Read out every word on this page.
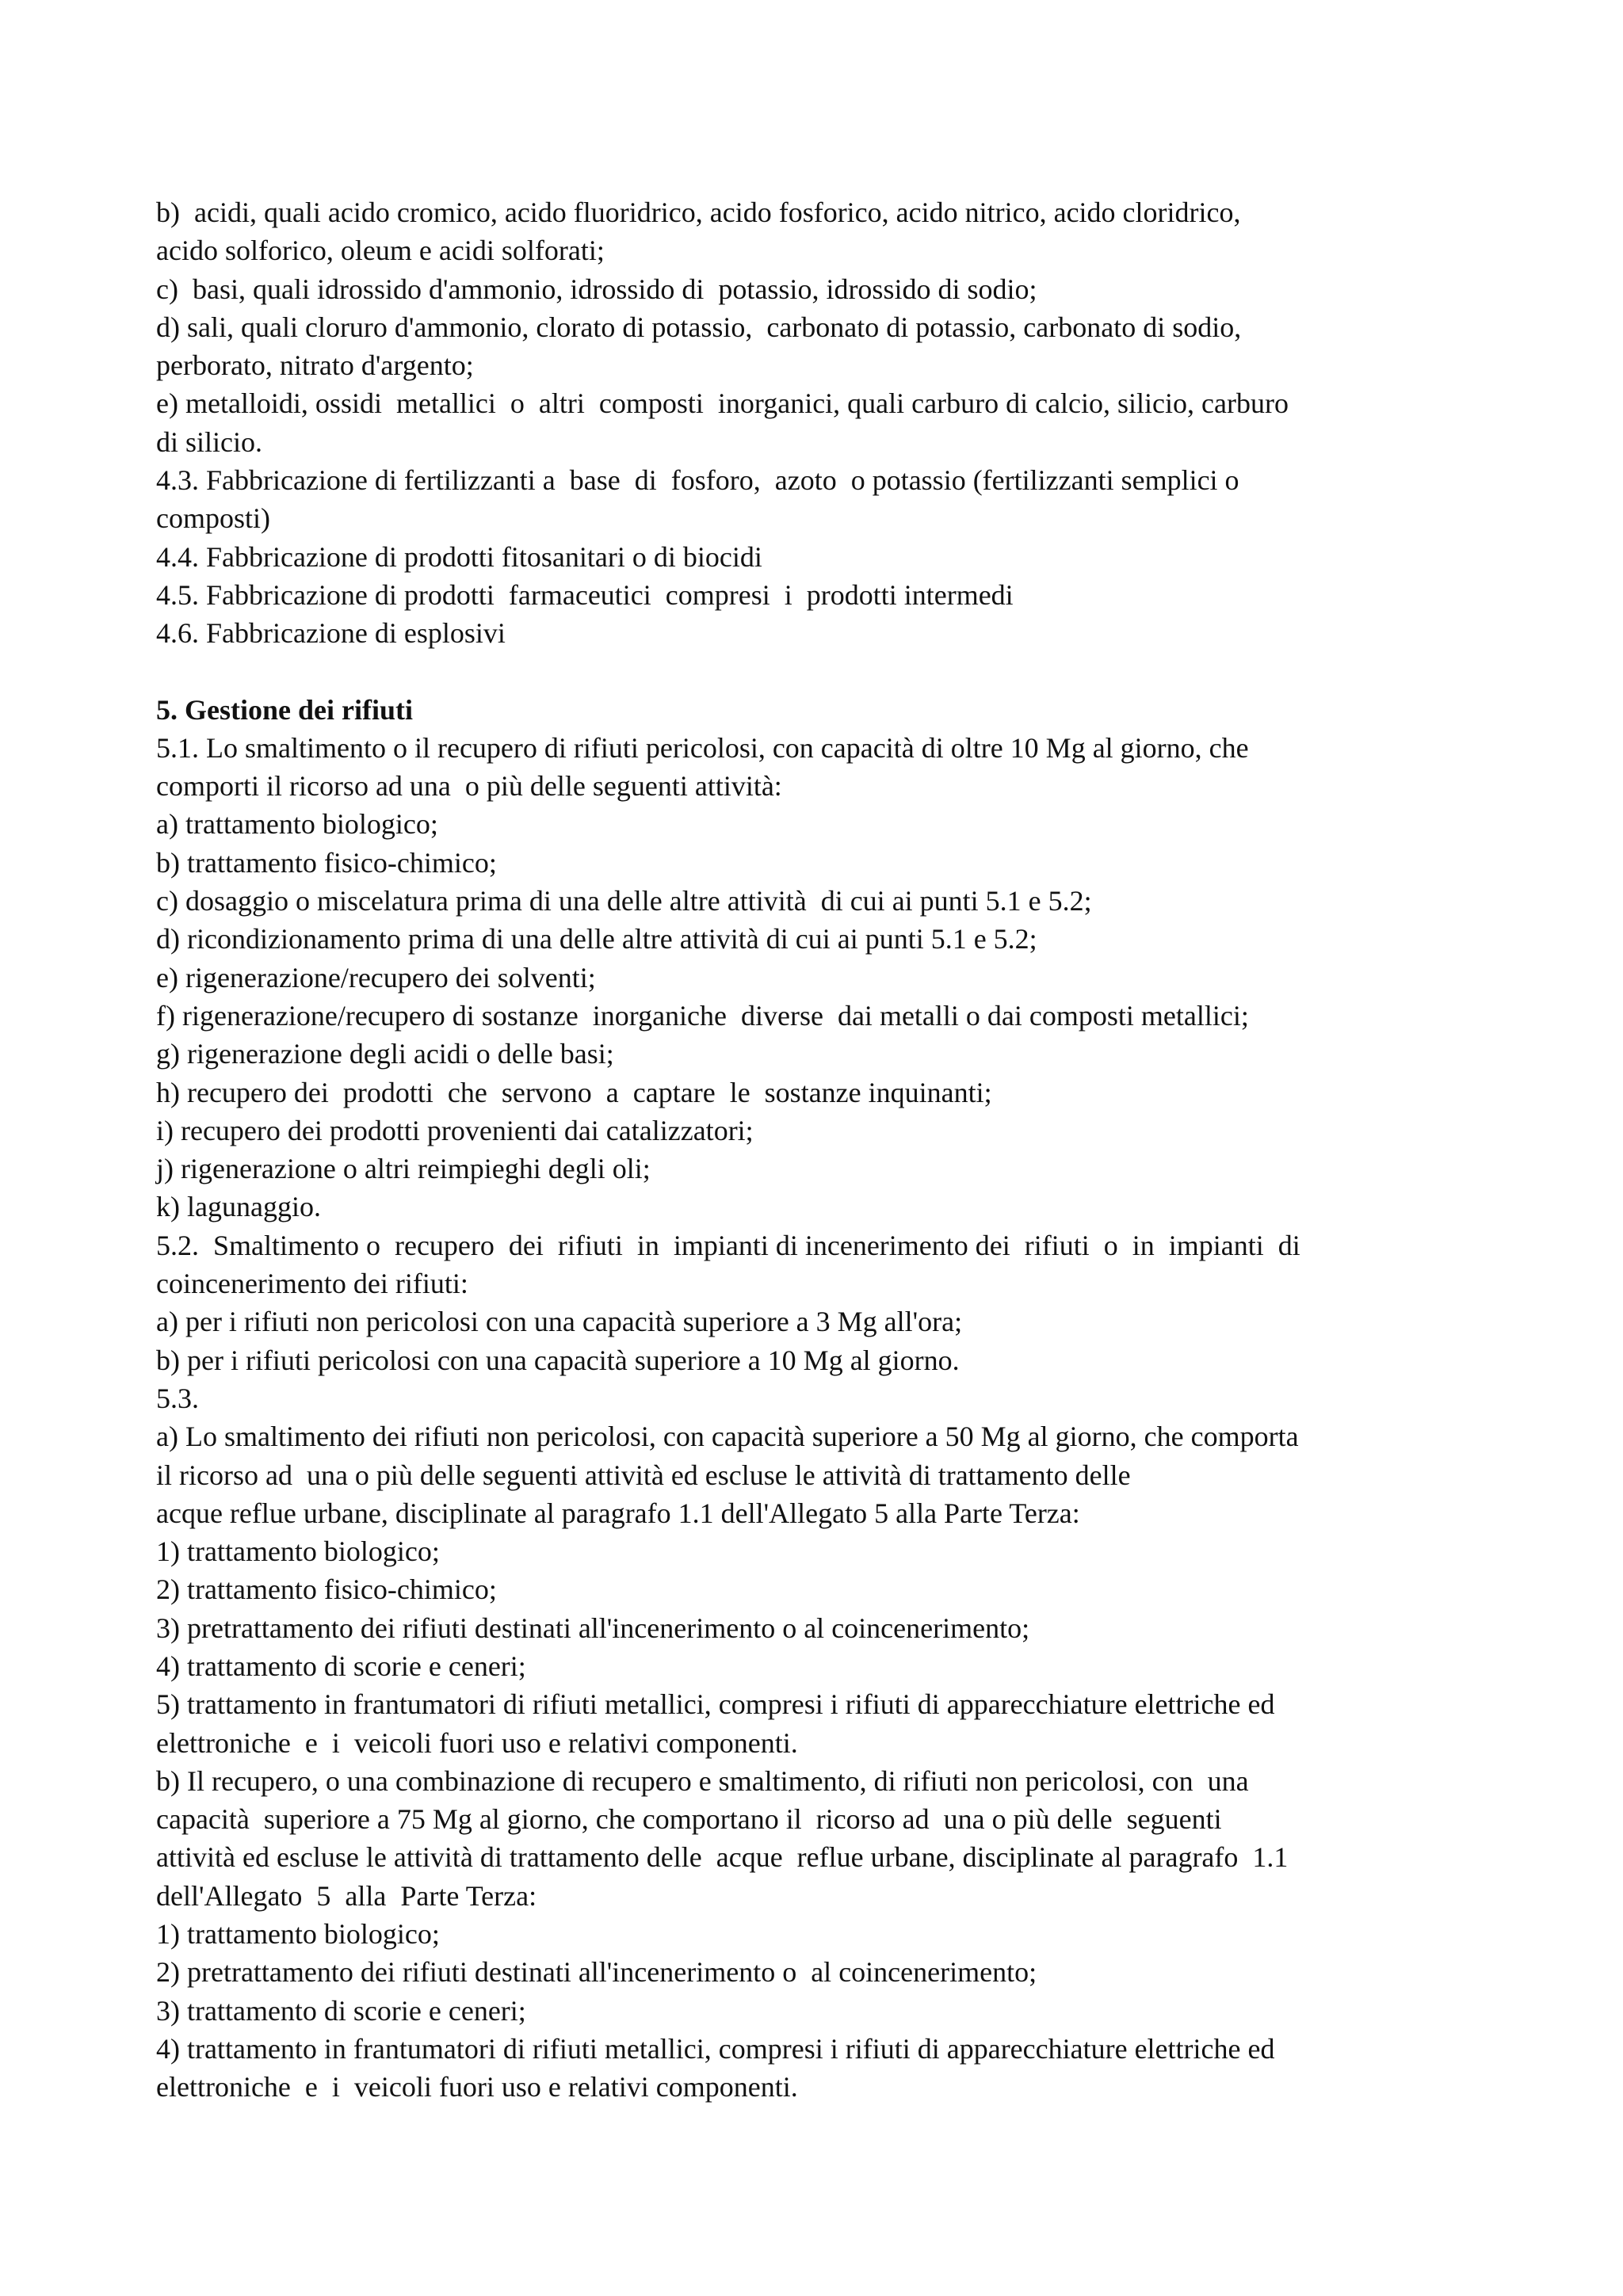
b)  acidi, quali acido cromico, acido fluoridrico, acido fosforico, acido nitrico, acido cloridrico,
acido solforico, oleum e acidi solforati;
c)  basi, quali idrossido d'ammonio, idrossido di  potassio, idrossido di sodio;
d) sali, quali cloruro d'ammonio, clorato di potassio,  carbonato di potassio, carbonato di sodio,
perborato, nitrato d'argento;
e) metalloidi, ossidi  metallici  o  altri  composti  inorganici, quali carburo di calcio, silicio, carburo
di silicio.
4.3. Fabbricazione di fertilizzanti a  base  di  fosforo,  azoto  o potassio (fertilizzanti semplici o
composti)
4.4. Fabbricazione di prodotti fitosanitari o di biocidi
4.5. Fabbricazione di prodotti  farmaceutici  compresi  i  prodotti intermedi
4.6. Fabbricazione di esplosivi
5. Gestione dei rifiuti
5.1. Lo smaltimento o il recupero di rifiuti pericolosi, con capacità di oltre 10 Mg al giorno, che
comporti il ricorso ad una  o più delle seguenti attività:
a) trattamento biologico;
b) trattamento fisico-chimico;
c) dosaggio o miscelatura prima di una delle altre attività  di cui ai punti 5.1 e 5.2;
d) ricondizionamento prima di una delle altre attività di cui ai punti 5.1 e 5.2;
e) rigenerazione/recupero dei solventi;
f) rigenerazione/recupero di sostanze  inorganiche  diverse  dai metalli o dai composti metallici;
g) rigenerazione degli acidi o delle basi;
h) recupero dei  prodotti  che  servono  a  captare  le  sostanze inquinanti;
i) recupero dei prodotti provenienti dai catalizzatori;
j) rigenerazione o altri reimpieghi degli oli;
k) lagunaggio.
5.2.  Smaltimento o  recupero  dei  rifiuti  in  impianti di incenerimento dei  rifiuti  o  in  impianti  di
coincenerimento dei rifiuti:
a) per i rifiuti non pericolosi con una capacità superiore a 3 Mg all'ora;
b) per i rifiuti pericolosi con una capacità superiore a 10 Mg al giorno.
5.3.
a) Lo smaltimento dei rifiuti non pericolosi, con capacità superiore a 50 Mg al giorno, che comporta
il ricorso ad  una o più delle seguenti attività ed escluse le attività di trattamento delle
acque reflue urbane, disciplinate al paragrafo 1.1 dell'Allegato 5 alla Parte Terza:
1) trattamento biologico;
2) trattamento fisico-chimico;
3) pretrattamento dei rifiuti destinati all'incenerimento o al coincenerimento;
4) trattamento di scorie e ceneri;
5) trattamento in frantumatori di rifiuti metallici, compresi i rifiuti di apparecchiature elettriche ed
elettroniche  e  i  veicoli fuori uso e relativi componenti.
b) Il recupero, o una combinazione di recupero e smaltimento, di rifiuti non pericolosi, con  una
capacità  superiore a 75 Mg al giorno, che comportano il  ricorso ad  una o più delle  seguenti
attività ed escluse le attività di trattamento delle  acque  reflue urbane, disciplinate al paragrafo  1.1
dell'Allegato  5  alla  Parte Terza:
1) trattamento biologico;
2) pretrattamento dei rifiuti destinati all'incenerimento o  al coincenerimento;
3) trattamento di scorie e ceneri;
4) trattamento in frantumatori di rifiuti metallici, compresi i rifiuti di apparecchiature elettriche ed
elettroniche  e  i  veicoli fuori uso e relativi componenti.
